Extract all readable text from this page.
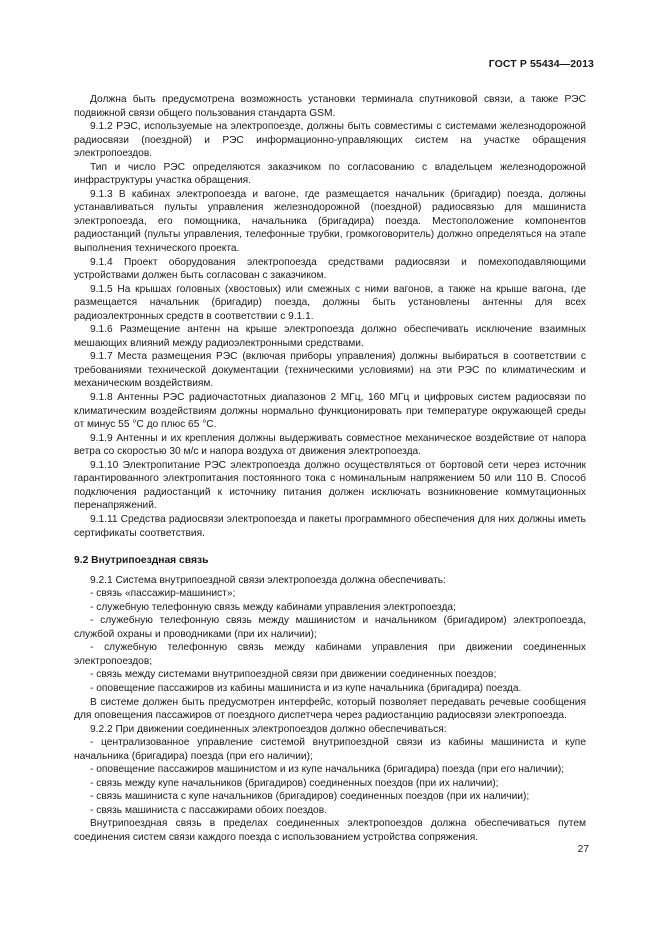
ГОСТ Р 55434—2013

Должна быть предусмотрена возможность установки терминала спутниковой связи, а также РЭС подвижной связи общего пользования стандарта GSM.

9.1.2 РЭС, используемые на электропоезде, должны быть совместимы с системами железнодорожной радиосвязи (поездной) и РЭС информационно-управляющих систем на участке обращения электропоездов.

Тип и число РЭС определяются заказчиком по согласованию с владельцем железнодорожной инфраструктуры участка обращения.

9.1.3 В кабинах электропоезда и вагоне, где размещается начальник (бригадир) поезда, должны устанавливаться пульты управления железнодорожной (поездной) радиосвязью для машиниста электропоезда, его помощника, начальника (бригадира) поезда. Местоположение компонентов радиостанций (пульты управления, телефонные трубки, громкоговоритель) должно определяться на этапе выполнения технического проекта.

9.1.4 Проект оборудования электропоезда средствами радиосвязи и помехоподавляющими устройствами должен быть согласован с заказчиком.

9.1.5 На крышах головных (хвостовых) или смежных с ними вагонов, а также на крыше вагона, где размещается начальник (бригадир) поезда, должны быть установлены антенны для всех радиоэлектронных средств в соответствии с 9.1.1.

9.1.6 Размещение антенн на крыше электропоезда должно обеспечивать исключение взаимных мешающих влияний между радиоэлектронными средствами.

9.1.7 Места размещения РЭС (включая приборы управления) должны выбираться в соответствии с требованиями технической документации (техническими условиями) на эти РЭС по климатическим и механическим воздействиям.

9.1.8 Антенны РЭС радиочастотных диапазонов 2 МГц, 160 МГц и цифровых систем радиосвязи по климатическим воздействиям должны нормально функционировать при температуре окружающей среды от минус 55 °С до плюс 65 °С.

9.1.9 Антенны и их крепления должны выдерживать совместное механическое воздействие от напора ветра со скоростью 30 м/с и напора воздуха от движения электропоезда.

9.1.10 Электропитание РЭС электропоезда должно осуществляться от бортовой сети через источник гарантированного электропитания постоянного тока с номинальным напряжением 50 или 110 В. Способ подключения радиостанций к источнику питания должен исключать возникновение коммутационных перенапряжений.

9.1.11 Средства радиосвязи электропоезда и пакеты программного обеспечения для них должны иметь сертификаты соответствия.

9.2 Внутрипоездная связь

9.2.1 Система внутрипоездной связи электропоезда должна обеспечивать:

- связь «пассажир-машинист»;

- служебную телефонную связь между кабинами управления электропоезда;

- служебную телефонную связь между машинистом и начальником (бригадиром) электропоезда, службой охраны и проводниками (при их наличии);

- служебную телефонную связь между кабинами управления при движении соединенных электропоездов;

- связь между системами внутрипоездной связи при движении соединенных поездов;

- оповещение пассажиров из кабины машиниста и из купе начальника (бригадира) поезда.

В системе должен быть предусмотрен интерфейс, который позволяет передавать речевые сообщения для оповещения пассажиров от поездного диспетчера через радиостанцию радиосвязи электропоезда.

9.2.2 При движении соединенных электропоездов должно обеспечиваться:

- централизованное управление системой внутрипоездной связи из кабины машиниста и купе начальника (бригадира) поезда (при его наличии);

- оповещение пассажиров машинистом и из купе начальника (бригадира) поезда (при его наличии);

- связь между купе начальников (бригадиров) соединенных поездов (при их наличии);

- связь машиниста с купе начальников (бригадиров) соединенных поездов (при их наличии);

- связь машиниста с пассажирами обоих поездов.

Внутрипоездная связь в пределах соединенных электропоездов должна обеспечиваться путем соединения систем связи каждого поезда с использованием устройства сопряжения.

27
